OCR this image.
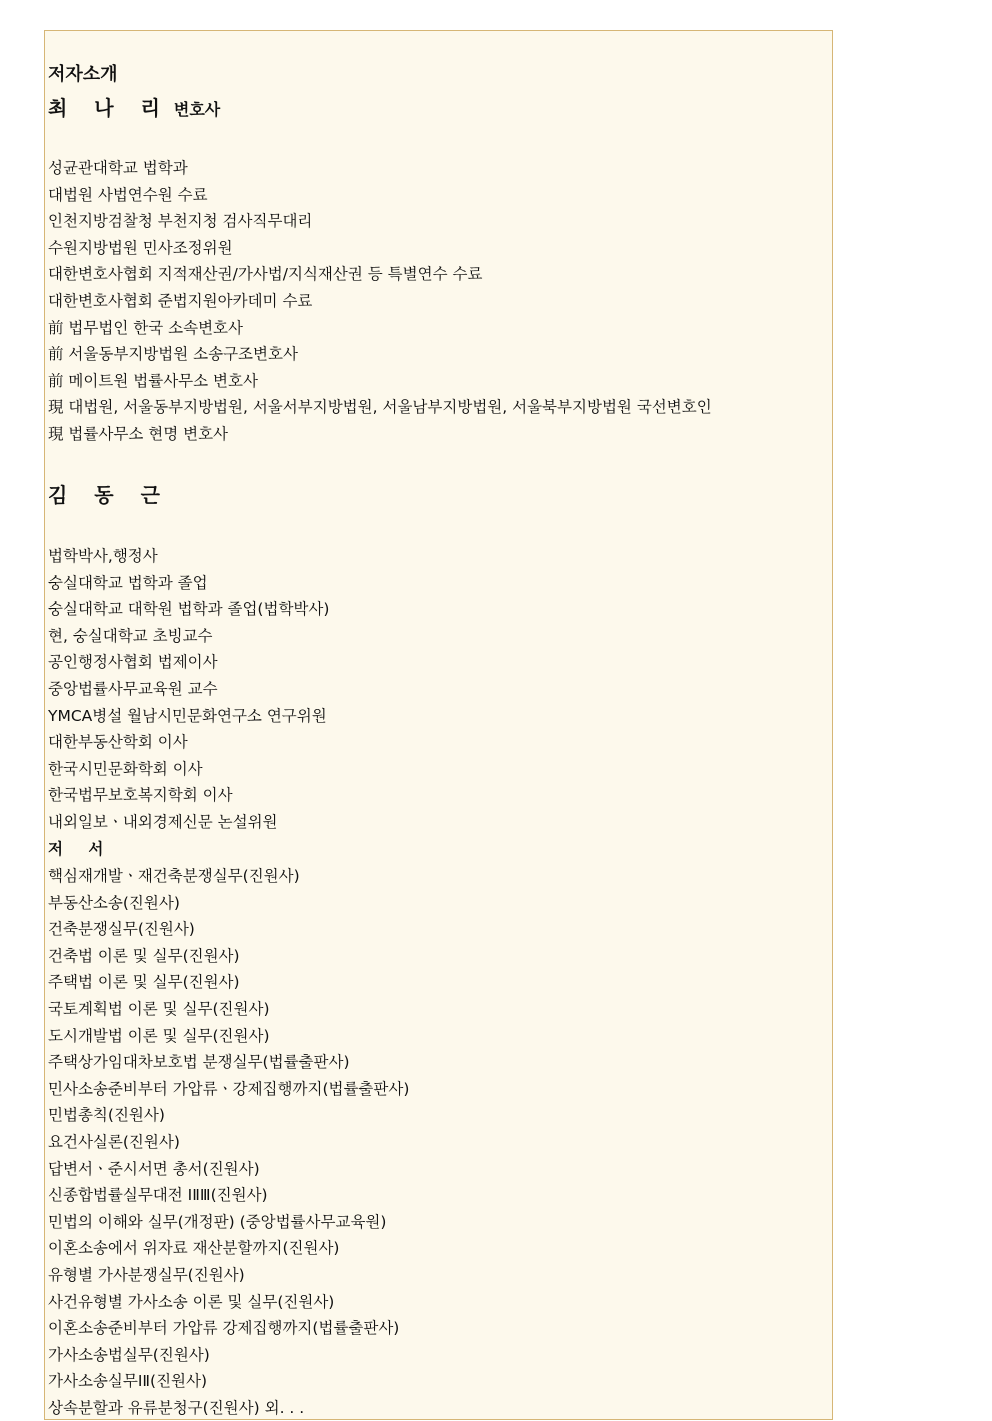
저자소개
최 나 리 변호사
성균관대학교 법학과
대법원 사법연수원 수료
인천지방검찰청 부천지청 검사직무대리
수원지방법원 민사조정위원
대한변호사협회 지적재산권/가사법/지식재산권 등 특별연수 수료
대한변호사협회 준법지원아카데미 수료
前 법무법인 한국 소속변호사
前 서울동부지방법원 소송구조변호사
前 메이트원 법률사무소 변호사
現 대법원, 서울동부지방법원, 서울서부지방법원, 서울남부지방법원, 서울북부지방법원 국선변호인
現 법률사무소 현명 변호사
김 동 근
법학박사,행정사
숭실대학교 법학과 졸업
숭실대학교 대학원 법학과 졸업(법학박사)
현, 숭실대학교 초빙교수
공인행정사협회 법제이사
중앙법률사무교육원 교수
YMCA병설 월남시민문화연구소 연구위원
대한부동산학회 이사
한국시민문화학회 이사
한국법무보호복지학회 이사
내외일보ㆍ내외경제신문 논설위원
저 서
핵심재개발ㆍ재건축분쟁실무(진원사)
부동산소송(진원사)
건축분쟁실무(진원사)
건축법 이론 및 실무(진원사)
주택법 이론 및 실무(진원사)
국토계획법 이론 및 실무(진원사)
도시개발법 이론 및 실무(진원사)
주택상가임대차보호법 분쟁실무(법률출판사)
민사소송준비부터 가압류ㆍ강제집행까지(법률출판사)
민법총칙(진원사)
요건사실론(진원사)
답변서ㆍ준시서면 총서(진원사)
신종합법률실무대전 ⅠⅡⅢ(진원사)
민법의 이해와 실무(개정판) (중앙법률사무교육원)
이혼소송에서 위자료 재산분할까지(진원사)
유형별 가사분쟁실무(진원사)
사건유형별 가사소송 이론 및 실무(진원사)
이혼소송준비부터 가압류 강제집행까지(법률출판사)
가사소송법실무(진원사)
가사소송실무ⅠⅡ(진원사)
상속분할과 유류분청구(진원사) 외. . .
